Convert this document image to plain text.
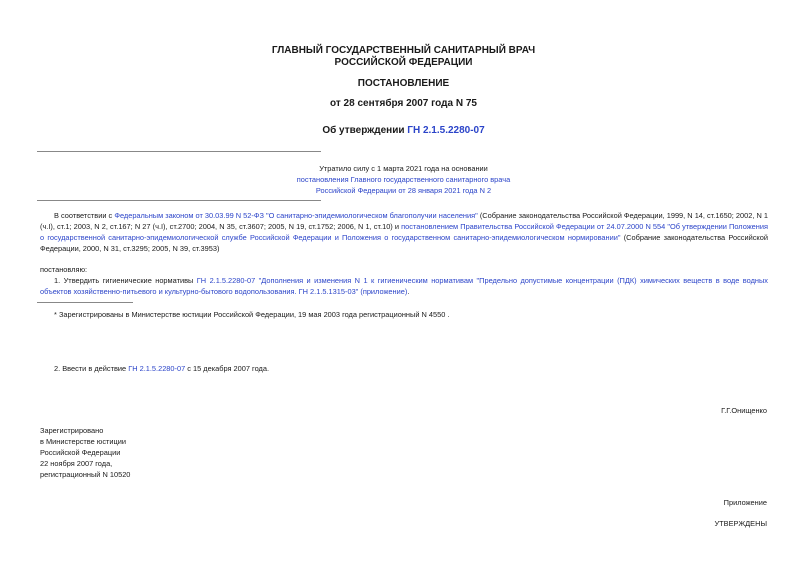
ГЛАВНЫЙ ГОСУДАРСТВЕННЫЙ САНИТАРНЫЙ ВРАЧ
РОССИЙСКОЙ ФЕДЕРАЦИИ
ПОСТАНОВЛЕНИЕ
от 28 сентября 2007 года N 75
Об утверждении ГН 2.1.5.2280-07
Утратило силу с 1 марта 2021 года на основании
постановления Главного государственного санитарного врача
Российской Федерации от 28 января 2021 года N 2
В соответствии с Федеральным законом от 30.03.99 N 52-ФЗ "О санитарно-эпидемиологическом благополучии населения" (Собрание законодательства Российской Федерации, 1999, N 14, ст.1650; 2002, N 1 (ч.I), ст.1; 2003, N 2, ст.167; N 27 (ч.I), ст.2700; 2004, N 35, ст.3607; 2005, N 19, ст.1752; 2006, N 1, ст.10) и постановлением Правительства Российской Федерации от 24.07.2000 N 554 "Об утверждении Положения о государственной санитарно-эпидемиологической службе Российской Федерации и Положения о государственном санитарно-эпидемиологическом нормировании" (Собрание законодательства Российской Федерации, 2000, N 31, ст.3295; 2005, N 39, ст.3953)
постановляю:
1. Утвердить гигиенические нормативы ГН 2.1.5.2280-07 "Дополнения и изменения N 1 к гигиеническим нормативам "Предельно допустимые концентрации (ПДК) химических веществ в воде водных объектов хозяйственно-питьевого и культурно-бытового водопользования. ГН 2.1.5.1315-03" (приложение).
* Зарегистрированы в Министерстве юстиции Российской Федерации, 19 мая 2003 года регистрационный N 4550 .
2. Ввести в действие ГН 2.1.5.2280-07 с 15 декабря 2007 года.
Г.Г.Онищенко
Зарегистрировано
в Министерстве юстиции
Российской Федерации
22 ноября 2007 года,
регистрационный N 10520
Приложение
УТВЕРЖДЕНЫ
